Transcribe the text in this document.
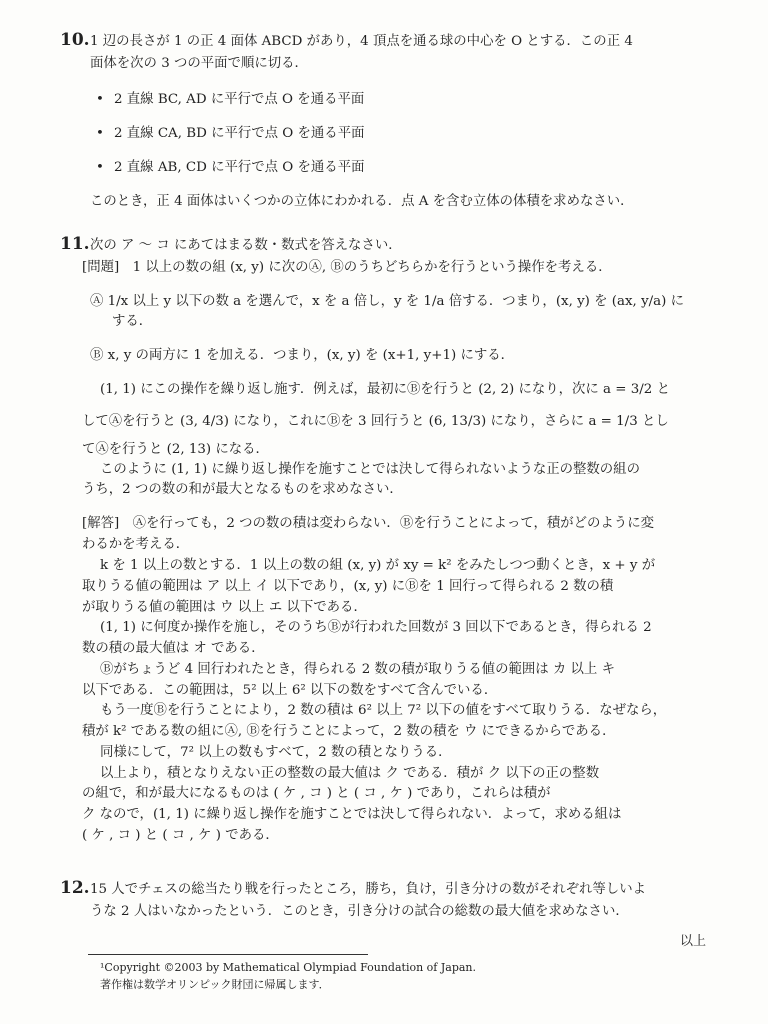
10.1 辺の長さが 1 の正 4 面体 ABCD があり，4 頂点を通る球の中心を O とする．この正 4
面体を次の 3 つの平面で順に切る．
• 2 直線 BC, AD に平行で点 O を通る平面
• 2 直線 CA, BD に平行で点 O を通る平面
• 2 直線 AB, CD に平行で点 O を通る平面
このとき，正 4 面体はいくつかの立体にわかれる．点 A を含む立体の体積を求めなさい．
11.次の ア ～ コ にあてはまる数・数式を答えなさい．
[問題]　1 以上の数の組 (x, y) に次のⒶ, Ⓑのうちどちらかを行うという操作を考える．
Ⓐ 1/x 以上 y 以下の数 a を選んで，x を a 倍し，y を 1/a 倍する．つまり，(x, y) を (ax, y/a) に
する．
Ⓑ x, y の両方に 1 を加える．つまり，(x, y) を (x+1, y+1) にする．
(1, 1) にこの操作を繰り返し施す．例えば，最初にⒷを行うと (2, 2) になり，次に a = 3/2 と
してⒶを行うと (3, 4/3) になり，これにⒷを 3 回行うと (6, 13/3) になり，さらに a = 1/3 とし
てⒶを行うと (2, 13) になる．
このように (1, 1) に繰り返し操作を施すことでは決して得られないような正の整数の組の
うち，2 つの数の和が最大となるものを求めなさい．
[解答]　Ⓐを行っても，2 つの数の積は変わらない．Ⓑを行うことによって，積がどのように変
わるかを考える．
k を 1 以上の数とする．1 以上の数の組 (x, y) が xy = k² をみたしつつ動くとき，x + y が
取りうる値の範囲は ア 以上 イ 以下であり，(x, y) にⒷを 1 回行って得られる 2 数の積
が取りうる値の範囲は ウ 以上 エ 以下である．
(1, 1) に何度か操作を施し，そのうちⒷが行われた回数が 3 回以下であるとき，得られる 2
数の積の最大値は オ である．
Ⓑがちょうど 4 回行われたとき，得られる 2 数の積が取りうる値の範囲は カ 以上 キ
以下である．この範囲は，5² 以上 6² 以下の数をすべて含んでいる．
もう一度Ⓑを行うことにより，2 数の積は 6² 以上 7² 以下の値をすべて取りうる．なぜなら，
積が k² である数の組にⒶ, Ⓑを行うことによって，2 数の積を ウ にできるからである．
同様にして，7² 以上の数もすべて，2 数の積となりうる．
以上より，積となりえない正の整数の最大値は ク である．積が ク 以下の正の整数
の組で，和が最大になるものは ( ケ , コ ) と ( コ , ケ ) であり，これらは積が
ク なので，(1, 1) に繰り返し操作を施すことでは決して得られない．よって，求める組は
( ケ , コ ) と ( コ , ケ ) である．
12.15 人でチェスの総当たり戦を行ったところ，勝ち，負け，引き分けの数がそれぞれ等しいよ
うな 2 人はいなかったという．このとき，引き分けの試合の総数の最大値を求めなさい．
以上
¹Copyright ©2003 by Mathematical Olympiad Foundation of Japan.
著作権は数学オリンピック財団に帰属します．
